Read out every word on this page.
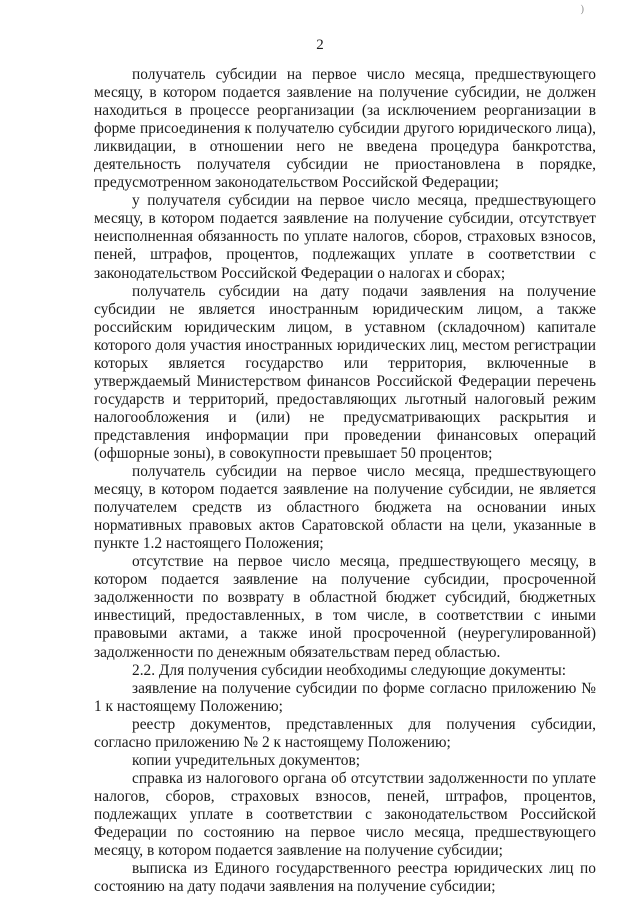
)
2

получатель субсидии на первое число месяца, предшествующего месяцу, в котором подается заявление на получение субсидии, не должен находиться в процессе реорганизации (за исключением реорганизации в форме присоединения к получателю субсидии другого юридического лица), ликвидации, в отношении него не введена процедура банкротства, деятельность получателя субсидии не приостановлена в порядке, предусмотренном законодательством Российской Федерации;

у получателя субсидии на первое число месяца, предшествующего месяцу, в котором подается заявление на получение субсидии, отсутствует неисполненная обязанность по уплате налогов, сборов, страховых взносов, пеней, штрафов, процентов, подлежащих уплате в соответствии с законодательством Российской Федерации о налогах и сборах;

получатель субсидии на дату подачи заявления на получение субсидии не является иностранным юридическим лицом, а также российским юридическим лицом, в уставном (складочном) капитале которого доля участия иностранных юридических лиц, местом регистрации которых является государство или территория, включенные в утверждаемый Министерством финансов Российской Федерации перечень государств и территорий, предоставляющих льготный налоговый режим налогообложения и (или) не предусматривающих раскрытия и представления информации при проведении финансовых операций (офшорные зоны), в совокупности превышает 50 процентов;

получатель субсидии на первое число месяца, предшествующего месяцу, в котором подается заявление на получение субсидии, не является получателем средств из областного бюджета на основании иных нормативных правовых актов Саратовской области на цели, указанные в пункте 1.2 настоящего Положения;

отсутствие на первое число месяца, предшествующего месяцу, в котором подается заявление на получение субсидии, просроченной задолженности по возврату в областной бюджет субсидий, бюджетных инвестиций, предоставленных, в том числе, в соответствии с иными правовыми актами, а также иной просроченной (неурегулированной) задолженности по денежным обязательствам перед областью.

2.2. Для получения субсидии необходимы следующие документы:

заявление на получение субсидии по форме согласно приложению № 1 к настоящему Положению;

реестр документов, представленных для получения субсидии, согласно приложению № 2 к настоящему Положению;

копии учредительных документов;

справка из налогового органа об отсутствии задолженности по уплате налогов, сборов, страховых взносов, пеней, штрафов, процентов, подлежащих уплате в соответствии с законодательством Российской Федерации по состоянию на первое число месяца, предшествующего месяцу, в котором подается заявление на получение субсидии;

выписка из Единого государственного реестра юридических лиц по состоянию на дату подачи заявления на получение субсидии;
